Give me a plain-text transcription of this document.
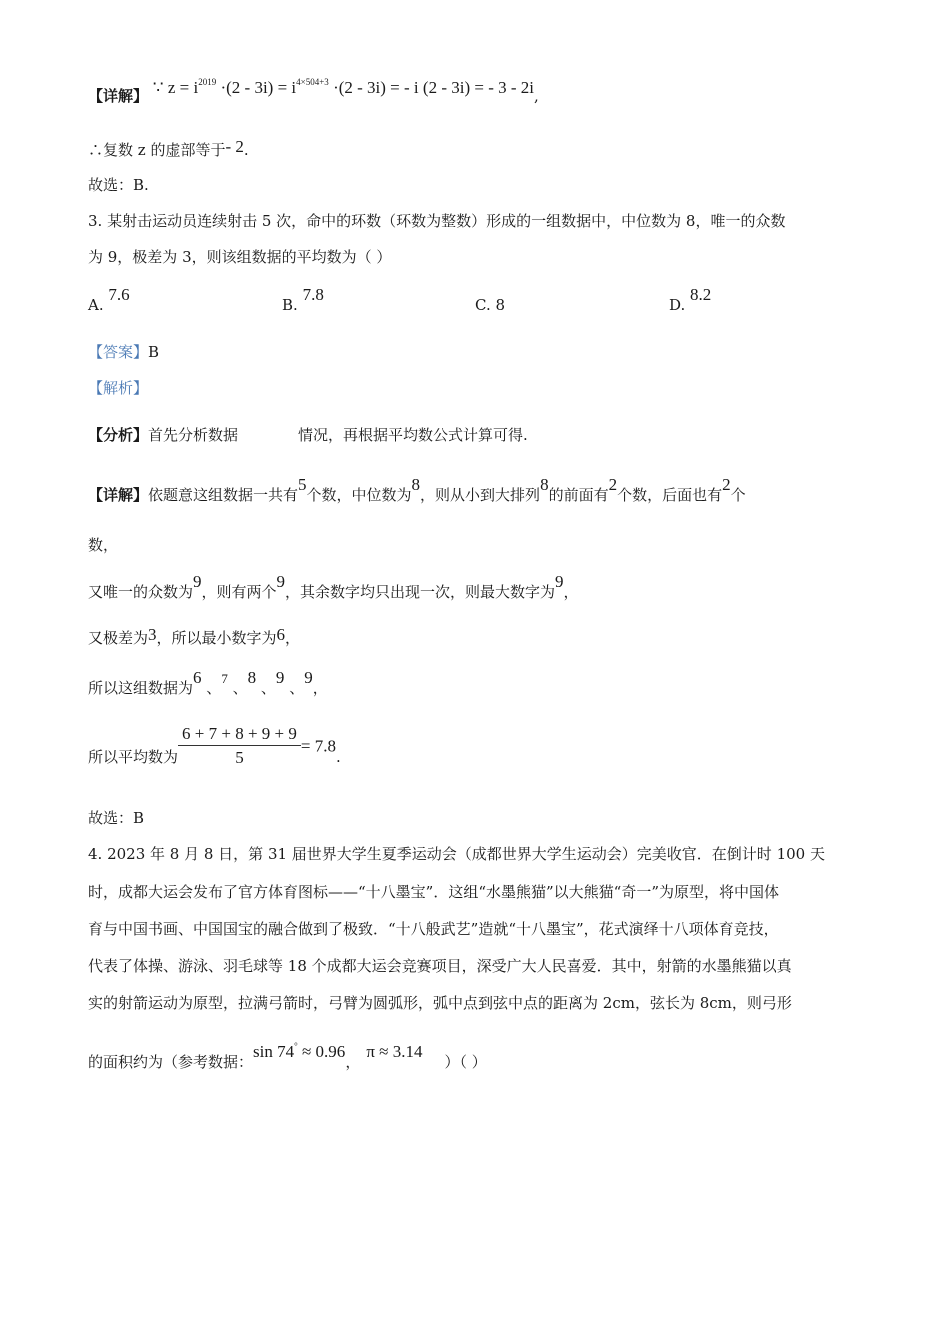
【详解】 ∵ $z = i^{2019} \cdot(2 - 3i) = i^{4\times 504+3} \cdot(2 - 3i)$ = - i (2 - 3i) = - 3 - 2i,
∴复数 z 的虚部等于- 2.
故选：B.
3. 某射击运动员连续射击 5 次，命中的环数（环数为整数）形成的一组数据中，中位数为 8，唯一的众数
为 9，极差为 3，则该组数据的平均数为（ ）
A. 7.6
B. 7.8
C. 8	D. 8.2
【答案】B
【解析】
【分析】首先分析数据	情况，再根据平均数公式计算可得.
【详解】依题意这组数据一共有5个数，中位数为8，则从小到大排列8的前面有2个数，后面也有2个
数，
又唯一的众数为9，则有两个9，其余数字均只出现一次，则最大数字为9，
又极差为3，所以最小数字为6，
所以这组数据为6 、7 、8 、9 、9，
所以平均数为 $\frac{6 + 7 + 8 + 9 + 9}{5} = 7.8$.
故选：B
4. 2023 年 8 月 8 日，第 31 届世界大学生夏季运动会（成都世界大学生运动会）完美收官．在倒计时 100 天
时，成都大运会发布了官方体育图标——“十八墨宝”．这组“水墨熊猫”以大熊猫“奇一”为原型，将中国体
育与中国书画、中国国宝的融合做到了极致．“十八般武艺”造就“十八墨宝”，花式演绎十八项体育竞技，
代表了体操、游泳、羽毛球等 18 个成都大运会竞赛项目，深受广大人民喜爱．其中，射箭的水墨熊猫以真
实的射箭运动为原型，拉满弓箭时，弓臂为圆弧形，弧中点到弦中点的距离为 2cm，弦长为 8cm，则弓形
的面积约为（参考数据：sin 74° ≈ 0.96，π ≈ 3.14）（ ）
